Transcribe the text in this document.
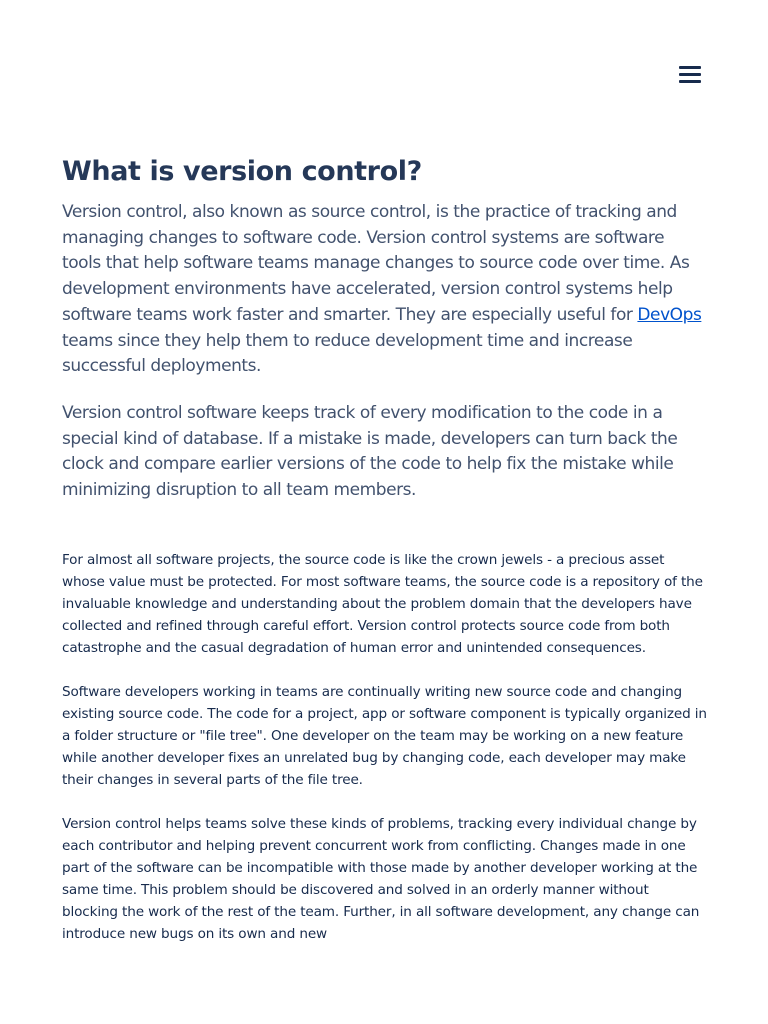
What is version control?

Version control, also known as source control, is the practice of tracking and managing changes to software code. Version control systems are software tools that help software teams manage changes to source code over time. As development environments have accelerated, version control systems help software teams work faster and smarter. They are especially useful for DevOps teams since they help them to reduce development time and increase successful deployments.

Version control software keeps track of every modification to the code in a special kind of database. If a mistake is made, developers can turn back the clock and compare earlier versions of the code to help fix the mistake while minimizing disruption to all team members.

For almost all software projects, the source code is like the crown jewels - a precious asset whose value must be protected. For most software teams, the source code is a repository of the invaluable knowledge and understanding about the problem domain that the developers have collected and refined through careful effort. Version control protects source code from both catastrophe and the casual degradation of human error and unintended consequences.

Software developers working in teams are continually writing new source code and changing existing source code. The code for a project, app or software component is typically organized in a folder structure or "file tree". One developer on the team may be working on a new feature while another developer fixes an unrelated bug by changing code, each developer may make their changes in several parts of the file tree.

Version control helps teams solve these kinds of problems, tracking every individual change by each contributor and helping prevent concurrent work from conflicting. Changes made in one part of the software can be incompatible with those made by another developer working at the same time. This problem should be discovered and solved in an orderly manner without blocking the work of the rest of the team. Further, in all software development, any change can introduce new bugs on its own and new
